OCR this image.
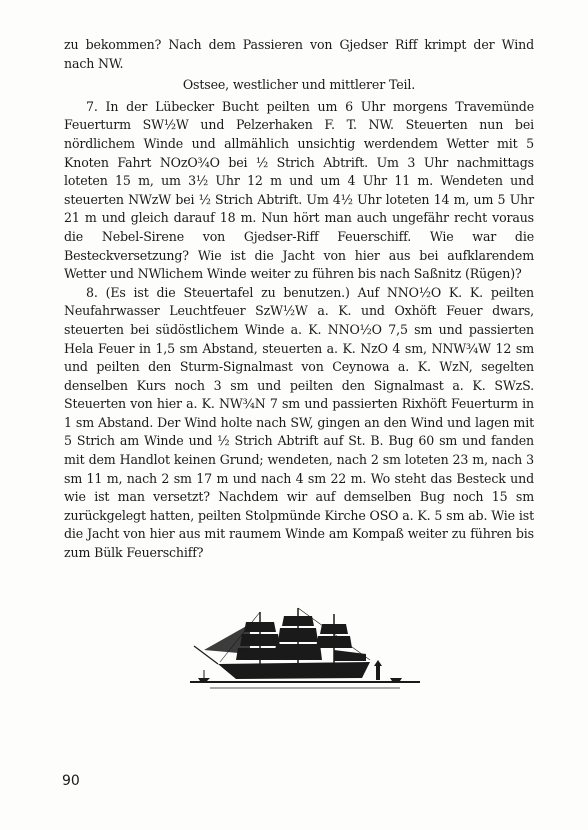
zu bekommen? Nach dem Passieren von Gjedser Riff krimpt der Wind nach NW.

Ostsee, westlicher und mittlerer Teil.

7. In der Lübecker Bucht peilten um 6 Uhr morgens Travemünde Feuerturm SW½W und Pelzerhaken F. T. NW. Steuerten nun bei nördlichem Winde und allmählich unsichtig werdendem Wetter mit 5 Knoten Fahrt NOzO¾O bei ½ Strich Abtrift. Um 3 Uhr nachmittags loteten 15 m, um 3½ Uhr 12 m und um 4 Uhr 11 m. Wendeten und steuerten NWzW bei ½ Strich Abtrift. Um 4½ Uhr loteten 14 m, um 5 Uhr 21 m und gleich darauf 18 m. Nun hört man auch ungefähr recht voraus die Nebel-Sirene von Gjedser-Riff Feuerschiff. Wie war die Besteckversetzung? Wie ist die Jacht von hier aus bei aufklarendem Wetter und NWlichem Winde weiter zu führen bis nach Saßnitz (Rügen)?

8. (Es ist die Steuertafel zu benutzen.) Auf NNO½O K. K. peilten Neufahrwasser Leuchtfeuer SzW½W a. K. und Oxhöft Feuer dwars, steuerten bei südöstlichem Winde a. K. NNO½O 7,5 sm und passierten Hela Feuer in 1,5 sm Abstand, steuerten a. K. NzO 4 sm, NNW¾W 12 sm und peilten den Sturm-Signalmast von Ceynowa a. K. WzN, segelten denselben Kurs noch 3 sm und peilten den Signalmast a. K. SWzS. Steuerten von hier a. K. NW¾N 7 sm und passierten Rixhöft Feuerturm in 1 sm Abstand. Der Wind holte nach SW, gingen an den Wind und lagen mit 5 Strich am Winde und ½ Strich Abtrift auf St. B. Bug 60 sm und fanden mit dem Handlot keinen Grund; wendeten, nach 2 sm loteten 23 m, nach 3 sm 11 m, nach 2 sm 17 m und nach 4 sm 22 m. Wo steht das Besteck und wie ist man versetzt? Nachdem wir auf demselben Bug noch 15 sm zurückgelegt hatten, peilten Stolpmünde Kirche OSO a. K. 5 sm ab. Wie ist die Jacht von hier aus mit raumem Winde am Kompaß weiter zu führen bis zum Bülk Feuerschiff?

90
